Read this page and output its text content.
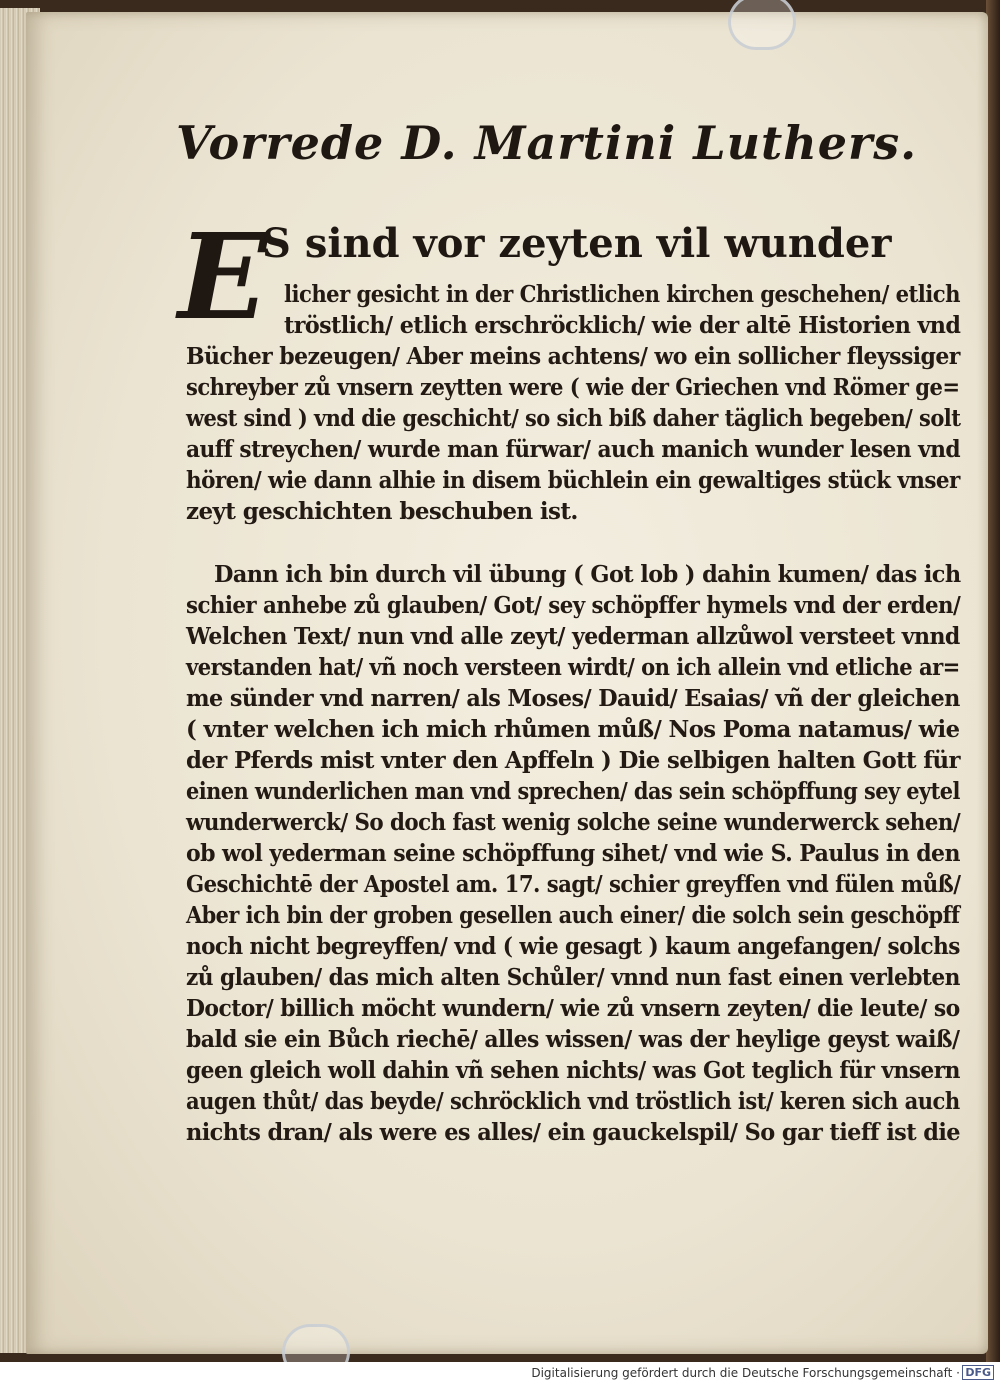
Vorrede D. Martini Luthers.
E
S sind vor zeyten vil wunder
licher gesicht in der Christlichen kirchen geschehen/ etlich
tröstlich/ etlich erschröcklich/ wie der altē Historien vnd
Bücher bezeugen/ Aber meins achtens/ wo ein sollicher fleyssiger
schreyber zů vnsern zeytten were ( wie der Griechen vnd Römer ge=
west sind ) vnd die geschicht/ so sich biß daher täglich begeben/ solt
auff streychen/ wurde man fürwar/ auch manich wunder lesen vnd
hören/ wie dann alhie in disem büchlein ein gewaltiges stück vnser
zeyt geschichten beschuben ist.
Dann ich bin durch vil übung ( Got lob ) dahin kumen/ das ich
schier anhebe zů glauben/ Got/ sey schöpffer hymels vnd der erden/
Welchen Text/ nun vnd alle zeyt/ yederman allzůwol versteet vnnd
verstanden hat/ vñ noch versteen wirdt/ on ich allein vnd etliche ar=
me sünder vnd narren/ als Moses/ Dauid/ Esaias/ vñ der gleichen
( vnter welchen ich mich rhůmen můß/ Nos Poma natamus/ wie
der Pferds mist vnter den Apffeln ) Die selbigen halten Gott für
einen wunderlichen man vnd sprechen/ das sein schöpffung sey eytel
wunderwerck/ So doch fast wenig solche seine wunderwerck sehen/
ob wol yederman seine schöpffung sihet/ vnd wie S. Paulus in den
Geschichtē der Apostel am. 17. sagt/ schier greyffen vnd fülen můß/
Aber ich bin der groben gesellen auch einer/ die solch sein geschöpff
noch nicht begreyffen/ vnd ( wie gesagt ) kaum angefangen/ solchs
zů glauben/ das mich alten Schůler/ vnnd nun fast einen verlebten
Doctor/ billich möcht wundern/ wie zů vnsern zeyten/ die leute/ so
bald sie ein Bůch riechē/ alles wissen/ was der heylige geyst waiß/
geen gleich woll dahin vñ sehen nichts/ was Got teglich für vnsern
augen thůt/ das beyde/ schröcklich vnd tröstlich ist/ keren sich auch
nichts dran/ als were es alles/ ein gauckelspil/ So gar tieff ist die
Digitalisierung gefördert durch die Deutsche Forschungsgemeinschaft · DFG
